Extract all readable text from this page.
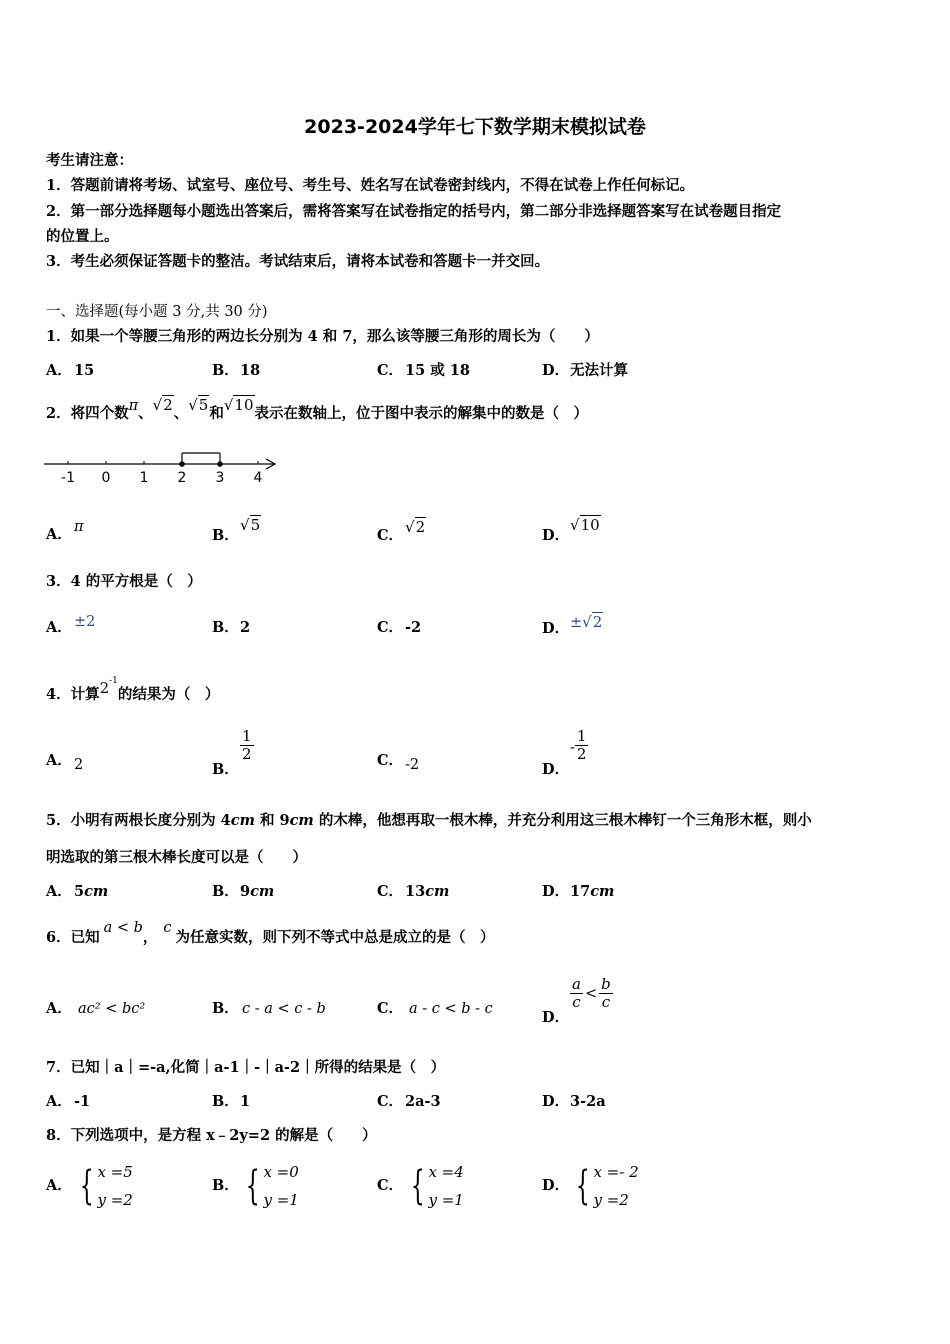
2023-2024学年七下数学期末模拟试卷
考生请注意：
1．答题前请将考场、试室号、座位号、考生号、姓名写在试卷密封线内，不得在试卷上作任何标记。
2．第一部分选择题每小题选出答案后，需将答案写在试卷指定的括号内，第二部分非选择题答案写在试卷题目指定
的位置上。
3．考生必须保证答题卡的整洁。考试结束后，请将本试卷和答题卡一并交回。
一、选择题(每小题 3 分,共 30 分)
1．如果一个等腰三角形的两边长分别为 4 和 7，那么该等腰三角形的周长为（　　）
A． 15	B．18	C． 15 或 18	D．无法计算
2．将四个数π、√2、√5和√10表示在数轴上，位于图中表示的解集中的数是（　）
-1 0 1 2 3 4
A． π	B．√5
C． √2	D．√10
3．4 的平方根是（　）
A． ±2	B．2	C． -2	D．±√2
4．计算$2^{-1}$的结果为（　）
A． 2	B．
$\frac{1}{2}$	C． -2	D．- $\frac{1}{2}$
5．小明有两根长度分别为 4cm 和 9cm 的木棒，他想再取一根木棒，并充分利用这三根木棒钉一个三角形木框，则小
明选取的第三根木棒长度可以是（　　）
A． 5cm	B．9cm	C． 13cm	D．17cm
6．已知a < b，c为任意实数，则下列不等式中总是成立的是（　）
A． ac² < bc²	B． c - a < c - b	C． a - c < b - c	D．
$\frac{a}{c} < \frac{b}{c}$
7．已知｜a｜=-a,化简｜a-1｜-｜a-2｜所得的结果是（　）
A． -1	B．1	C． 2a-3	D．3-2a
8．下列选项中，是方程 x﹣2y=2 的解是（　　）
A． { x =5
y =2
B． { x =0
y =1
C． { x =4
y =1
D． { x =- 2
y =2
